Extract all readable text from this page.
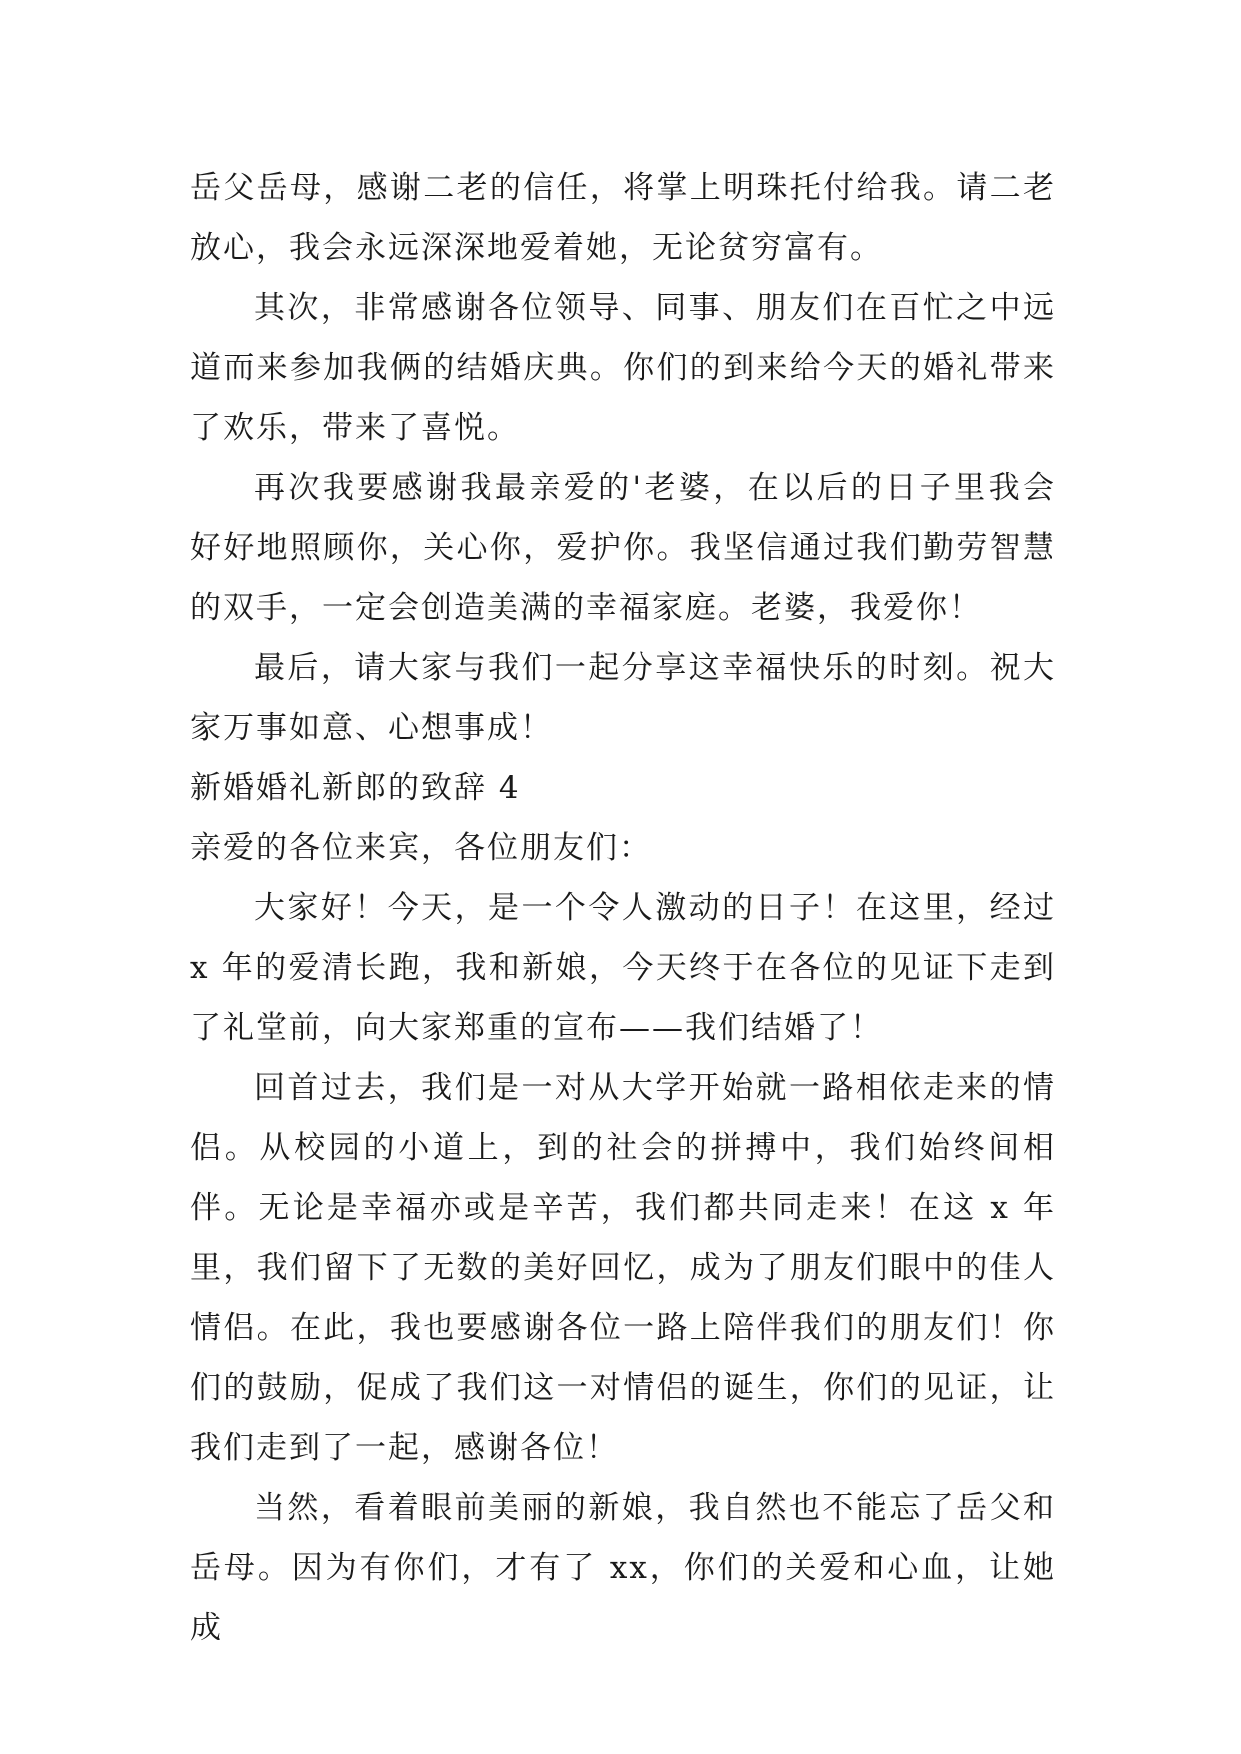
岳父岳母，感谢二老的信任，将掌上明珠托付给我。请二老放心，我会永远深深地爱着她，无论贫穷富有。

其次，非常感谢各位领导、同事、朋友们在百忙之中远道而来参加我俩的结婚庆典。你们的到来给今天的婚礼带来了欢乐，带来了喜悦。

再次我要感谢我最亲爱的'老婆，在以后的日子里我会好好地照顾你，关心你，爱护你。我坚信通过我们勤劳智慧的双手，一定会创造美满的幸福家庭。老婆，我爱你！

最后，请大家与我们一起分享这幸福快乐的时刻。祝大家万事如意、心想事成！

新婚婚礼新郎的致辞 4

亲爱的各位来宾，各位朋友们：

大家好！今天，是一个令人激动的日子！在这里，经过 x 年的爱清长跑，我和新娘，今天终于在各位的见证下走到了礼堂前，向大家郑重的宣布——我们结婚了！

回首过去，我们是一对从大学开始就一路相依走来的情侣。从校园的小道上，到的社会的拼搏中，我们始终间相伴。无论是幸福亦或是辛苦，我们都共同走来！在这 x 年里，我们留下了无数的美好回忆，成为了朋友们眼中的佳人情侣。在此，我也要感谢各位一路上陪伴我们的朋友们！你们的鼓励，促成了我们这一对情侣的诞生，你们的见证，让我们走到了一起，感谢各位！

当然，看着眼前美丽的新娘，我自然也不能忘了岳父和岳母。因为有你们，才有了 xx，你们的关爱和心血，让她成
